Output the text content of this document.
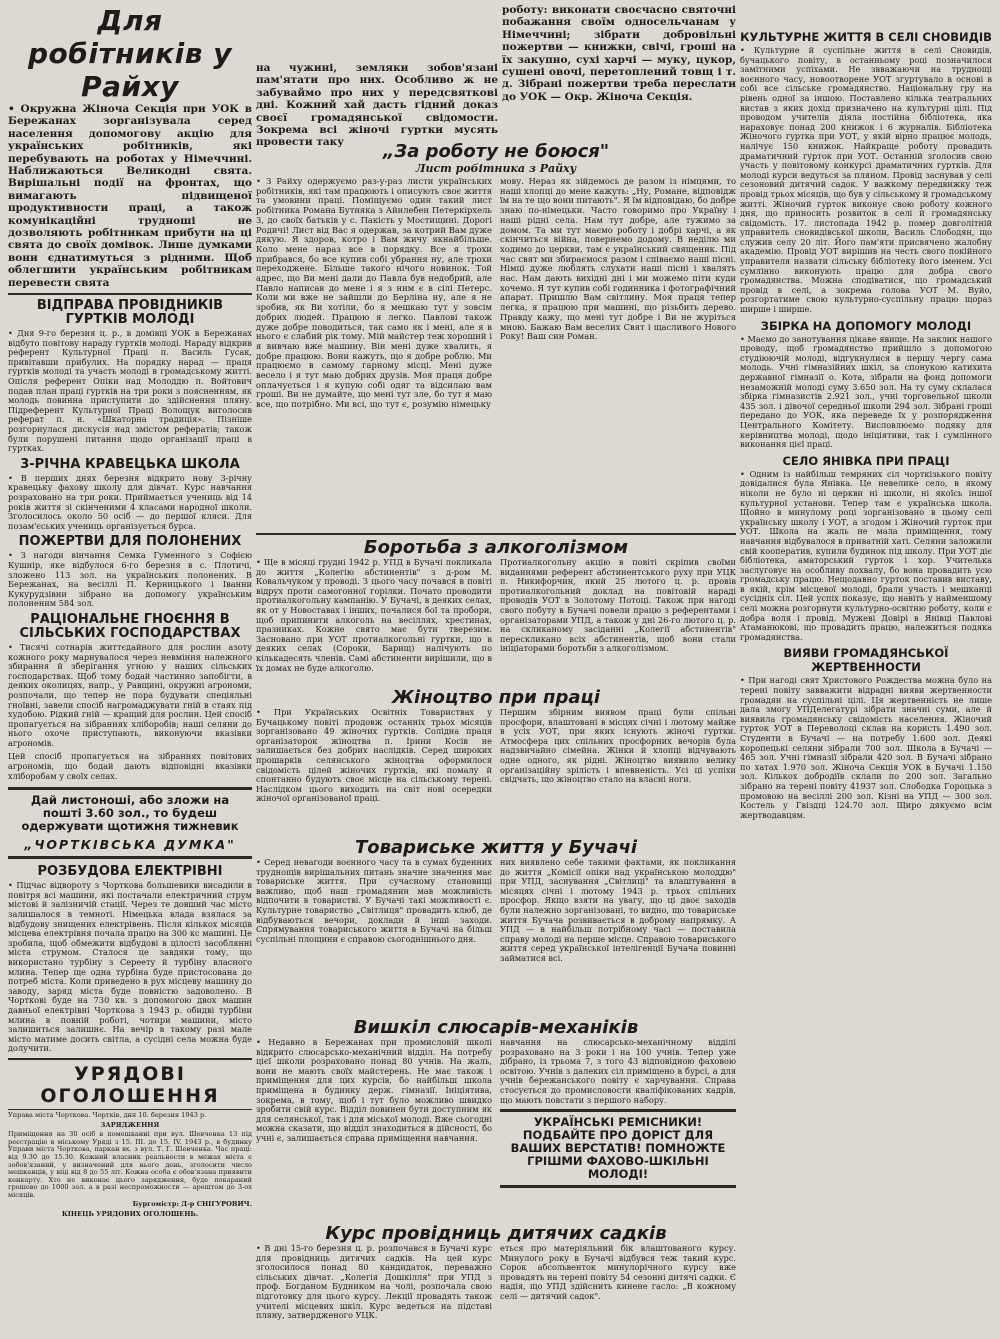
Для робітників у Райху

• Окружна Жіноча Секція при УОК в Бережанах зорганізувала серед населення допомогову акцію для українських робітників, які перебувають на роботах у Німеччині. Наближаються Великодні свята. Вирішальні події на фронтах, що вимагають підвищеної продуктивности праці, а також комунікаційні трудноші не дозволяють робітникам прибути на ці свята до своїх домівок. Лише думками вони єднатимуться з рідними. Щоб облегшити українським робітникам перевести свята

ВІДПРАВА ПРОВІДНИКІВ ГУРТКІВ МОЛОДІ

• Дня 9-го березня ц. р., в домівці УОК в Бережанах відбуто повітову нараду гуртків молоді. Нараду відкрив референт Культурної Праці п. Василь Гусак, привітавши прибулих. На порядку нарад — праця гуртків молоді та участь молоді в громадському житті. Опісля референт Опіки над Молоддю п. Войтович подав план праці гуртків на три роки з поясненням, як молодь повинна приступити до здійснення пляну. Підреферент Культурної Праці Волощук виголосив реферат п. н. «Шкаторна традиція». Пізніше розгорнулася дискусія над змістом рефератів; також були порушені питання щодо організації праці в гуртках.

3-РІЧНА КРАВЕЦЬКА ШКОЛА

• В перших днях березня відкрито нову 3-річну кравецьку фахову школу для дівчат. Курс навчання розраховано на три роки. Приймається учениць від 14 років життя зі скінченими 4 класами народної школи. Зголосилось около 50 осіб — до першої кляси. Для позам'єських учениць організується бурса.

ПОЖЕРТВИ ДЛЯ ПОЛОНЕНИХ

• З нагоди вінчання Семка Гуменного з Софією Кушнір, яке відбулося 6-го березня в с. Плотичі, зложено 113 зол. на українських полонених. В Бережанах, на весіллі П. Керницького і Іванни Кукурудзівни зібрано на допомогу українським полоненим 584 зол.

РАЦІОНАЛЬНЕ ГНОЄННЯ В СІЛЬСЬКИХ ГОСПОДАРСТВАХ

• Тисячі сотнарів життєдайного для рослин азоту кожного року марнувалося через невміння належного збирання й зберігання угною у наших сільських господарствах. Щоб тому бодай частинно запобігти, в деяких околицях, напр., у Равщині, окружні агрономи, розпочали, що тепер не пора будувати спеціяльні гноївні, завели спосіб нагромаджувати гній в стаях під худобою. Рідкий гній — кращий для рослин. Цей спосіб пропагується на зібраннях хліборобів; наші селяни до нього охоче приступають, виконуючи вказівки агрономів.

Цей спосіб пропагується на зібраннях повітових агрономів, що бодай дають відповідні вказівки хліборобам у своїх селах.

Дай листоноші, або зложи на пошті 3.60 зол., то будеш одержувати щотижня тижневик
„ЧОРТКІВСЬКА ДУМКА"
РОЗБУДОВА ЕЛЕКТРІВНІ

• Підчас відвороту з Чорткова большевики висадили в повітря всі машини, які постачали електричний струм містові й залізничій стації. Через те довший час місто залишалося в темноті. Німецька влада взялася за відбудову знищених електрівень. Після кількох місяців місцева електрівня почала працю на 300 кс машині. Це зробила, щоб обмежити відбудові в цілості засоблянні міста струмом. Сталося це завдяки тому, що використано турбіну з Сереету й турбіну власного млина. Тепер ще одна турбіна буде пристосована до потреб міста. Коли приведено в рух місцеву машину до заводу, заряд міста буде повністю задоволено. В Чорткові буде на 730 кв. з допомогою двох машин давньої електрівні Чорткова з 1943 р. обидві турбіни млина в повній роботі, чотири машини, місто залишиться залишнє. На вечір в такому разі мале місто матиме досить світла, а сусідні села можна буде долучити.

УРЯДОВІ ОГОЛОШЕННЯ

Управа міста Чорткова. Чортків, дня 10. березня 1943 р.

ЗАРЯДЖЕННЯ

Приміщення на 30 осіб в помешканні при вул. Шевченка 13 під реєстрацію в міському Уряді з 15. III. до 15. IV. 1943 р., в будинку Управи міста Чорткова, паркан вх. з вул. Т. Г. Шевченка. Час праці: від 9.30 до 15.30. Кожний власник реальности в межах міста є зобов'язаний, у визначений для нього день, зголосити число мешканців, у віці від 8 до 55 літ. Кожна особа є обов'язана приявити кенкарту. Хто не виконає цього зарядження, буде покараний грошово до 1000 зол. а в разі неспроможности — арештом до 3-ох місяців.

Бургомістр: Д-р СНІГУРОВИЧ.

КІНЕЦЬ УРЯДОВИХ ОГОЛОШЕНЬ.

на чужині, земляки зобов'язані пам'ятати про них. Особливо ж не забуваймо про них у передсвяткові дні. Кожний хай дасть гідний доказ своєї громадянської свідомости. Зокрема всі жіночі гуртки мусять провести таку

роботу: виконати своєчасно святочні побажання своїм односельчанам у Німеччині; зібрати добровільні пожертви — книжки, свічі, гроші на їх закупно, сухі харчі — муку, цукор, сушені овочі, перетоплений товщ і т. д. Зібрані пожертви треба переслати до УОК — Окр. Жіноча Секція.

„За роботу не боюся"

Лист робітника з Райху

• З Райху одержуємо раз-у-раз листи українських робітників, які там працюють і описують своє життя та умовини праці. Поміщуємо один такий лист робітника Романа Бутняка з Айнлебен Петеркірхель 3, до своїх батьків у с. Пакість у Мостищині. Дорогі Родичі! Лист від Вас я одержав, за котрий Вам дуже дякую. Я здоров, котро і Вам жичу якнайбільше. Коло мене нараз все в порядку. Все я трохи прибрався, бо все купив собі убрання ну, але трохи переходжене. Більше такого нічого новинок. Той адрес, що Ви мені дали до Павла був недобрий, але Павло написав до мене і я з ним є в сілі Петерс. Коли ми вже не зайшли до Берліна ну, але я не зробив, як Ви хотіли, бо я мешкаю тут у зовсім добрих людей. Працюю я легко. Павлові також дуже добре поводиться, так само як і мені, але я в нього є слабий рік тому. Мій майстер теж хороший і я вивчаю вже машину. Він мені дуже хвалить, я добре працюю. Вони кажуть, що я добре роблю. Ми працюємо в самому гарному місці. Мені дуже весело і я тут маю добрих друзів. Моя праця добре оплачується і я купую собі одяг та відсилаю вам гроші. Ви не думайте, що мені тут зле, бо тут я маю все, що потрібно. Ми всі, що тут є, розумію німецьку

мову. Нераз як зійдемось де разом із німцями, то наші хлопці до мене кажуть: „Ну, Романе, відповідж їм на те що вони питають". Я їм відповідаю, бо добре знаю по-німецьки. Часто говоримо про Україну і наші рідні села. Нам тут добре, але тужимо за домом. Та ми тут маємо роботу і добрі харчі, а як скінчиться війна, повернемо додому. В неділю ми ходимо до церкви, там є український священик. Під час свят ми збираємося разом і співаємо наші пісні. Німці дуже люблять слухати наші пісні і хвалять нас. Нам дають вихідні дні і ми можемо піти куди хочемо. Я тут купив собі годинника і фотографічний апарат. Пришлю Вам світлину. Моя праця тепер легка, я працюю при машині, що різьбить дерево. Правду кажу, що мені тут добре і Ви не журіться мною. Бажаю Вам веселих Свят і щасливого Нового Року! Ваш син Роман.

Боротьба з алкоголізмом

• Ще в місяці грудні 1942 р. УПД в Бучачі покликала до життя „Колегію абстинентів" з д-ром М. Ковальчуком у проводі. З цього часу почався в повіті відрух проти самогонної горілки. Почато проводити протиалкогольну кампанію. У Бучачі, в деяких селах, як от у Новоставах і інших, почалися бої та пробори, щоб припинити алкоголь на весіллях, хрестинах, празниках. Кожне свято має бути тверезим. Засновано при УОТ протиалкогольні гуртки, що в деяких селах (Сороки, Барищ) налічують по кількадесять членів. Самі абстиненти вирішили, що в їх домах не буде алкоголю.

Протиалкогольну акцію в повіті скріпив своїми виданнями референт абстинентського руху при УЦК п. Никифорчин, який 25 лютого ц. р. провів протиалкогольний доклад на повітовій нараді проводів УОТ в Золотому Потоці. Також при нагоді свого побуту в Бучачі повели працю з референтами і організаторами УПД, а також у дні 26-го лютого ц. р. на скликаному засіданні „Колегії абстинентів" перескликано всіх абстинентів, щоб вони стали ініціаторами боротьби з алкоголізмом.

Жіноцтво при праці

• При Українських Освітніх Товариствах у Бучацькому повіті продовж останніх трьох місяців зорганізовано 49 жіночих гуртків. Солідна праця організаторок жіноцтва п. Ірини Косів не залишається без добрих наслідків. Серед широких прошарків селянського жіноцтва оформилося свідомість цілей жіночих гуртків, які помалу й спонтанно будують своє місце на сільському терені. Наслідком цього виходить на світ нові осередки жіночої організованої праці.

Першим збірним виявом праці були спільні просфори, влаштовані в місцях січні і лютому майже в усіх УОТ, при яких існують жіночі гуртки. Атмосфера цих спільних просфорних вечорів була надзвичайно сімейна. Жінки й хлопці відчувають одне одного, як рідні. Жіноцтво виявило велику організаційну зрілість і впевненість. Усі ці успіхи свідчать, що жіноцтво стало на власні ноги.

Товариське життя у Бучачі

• Серед невагоди воєнного часу та в сумах буденних труднощів вирішальних питань значне значення має товариське життя. При сучасному становищі важливо, щоб наш громадянин мав можливість відпочити в товаристві. У Бучачі такі можливості є. Культурне товариство „Світлиця" провадить клюб, де відбуваються вечори, доклади й інші заходи. Спрямування товариського життя в Бучачі на більш суспільні площини є справою сьогоднішнього дня.

них виявлено себе такими фактами, як покликання до життя „Комісії опіки над українською молоддю" при УПД, заснування „Світлиці" та влаштування в місяцях січні і лютому 1943 р. трьох спільних просфор. Якщо взяти на увагу, що ці двоє заходів були належно зорганізовані, то видно, що товариське життя Бучача розвивається в доброму напрямку. А УПД — в найбільш потрібному часі — поставила справу молоді на перше місце. Справою товариського життя серед української інтелігенції Бучача повинні займатися всі.

Вишкіл слюсарів-механіків

• Недавно в Бережанах при промисловій школі відкрито слюсарсько-механічний відділ. На потребу цієї школи розраховано понад 80 учнів. На жаль, вони не мають своїх майстерень. Не має також і приміщення для цих курсів, бо найбільш школа приміщена в будинку держ. гімназії. Ініціятива, зокрема, в тому, щоб і тут було можливо швидко зробити свій курс. Відділ повинен бути доступним як для селянської, так і для міської молоді. Вже сьогодні можна сказати, що відділ знаходиться в дійсності, бо учні є, залишається справа приміщення навчання.

навчання на слюсарсько-механічному відділі розраховано на 3 роки і на 100 учнів. Тепер уже дібрано, із трьома 7, з того 43 відповідною фаховою освітою. Учнів з далеких сіл приміщено в бурсі, а для учнів бережанського повіту є харчування. Справа стосується до промисловости кваліфікованих кадрів, що мають повстати з першого набору.

УКРАЇНСЬКІ РЕМІСНИКИ! ПОДБАЙТЕ ПРО ДОРІСТ ДЛЯ ВАШИХ ВЕРСТАТІВ! ПОМНОЖТЕ ГРІШМИ ФАХОВО-ШКІЛЬНІ МОЛОДІ!
Курс провідниць дитячих садків

• В дні 15-го березня ц. р. розпочався в Бучачі курс для провідниць дитячих садків. На цей курс зголосилося понад 80 кандидаток, переважно сільських дівчат. „Колегія Дошкілля" при УПД з проф. Богданом Будником на чолі, розпочала свою підготовку для цього курсу. Лекції провадять також учителі місцевих шкіл. Курс ведеться на підставі пляну, затвердженого УЦК.

еться про матеріяльний бік влаштованого курсу. Минулого року в Бучачі відбувся теж такий курс. Сорок абсольвенток минулорічного курсу вже провадять на терені повіту 54 сезонні дитячі садки. Є надія, що УПД здійснить кинене гасло: „В кожному селі — дитячий садок".

КУЛЬТУРНЕ ЖИТТЯ В СЕЛІ СНОВИДІВ

• Культурне й суспільне життя в селі Сновидів, бучацького повіту, в останньому році позначилося замітними успіхами. Не звважаючи на труднощі воєнного часу, новоотворене УОТ згуртувало в основі в собі все сільське громадянство. Національну гру на рівень одної за іншою. Поставлено кілька театральних вистав з яких дохід призначено на культурні цілі. Під проводом учителів діяла постійна бібліотека, яка нараховує понад 200 книжок і 6 журналів. Бібліотека Жіночого гуртка при УОТ, у якій вірно працює молодь, налічує 150 книжок. Найкраще роботу провадить драматичний гурток при УОТ. Останній зголосив свою участь у повітовому конкурсі драматичних гуртків. Для молоді курси ведуться за пляном. Провід заснував у селі сезоновий дитячий садок. У важкому передвижку теж провід трьох місяців, що був у сільському й громадському житті. Жіночий гурток виконує свою роботу кожного дня, що приносить розвиток в селі й громадянську свідомість. 17. листопада 1942 р. помер довголітній управитель сновидівської школи, Василь Слободян, що служив селу 20 літ. Його пам'яти присвячено жалобну академію. Провід УОТ вирішив на честь свого покійного управителя назвати сільську бібліотеку його іменем. Усі сумлінно виконують працю для добра свого громадянства. Можна сподіватися, що громадський провід в селі, а зокрема голова УОТ М. Вуйо, розгортатиме свою культурно-суспільну працю щораз ширше і ширше.

ЗБІРКА НА ДОПОМОГУ МОЛОДІ

• Маємо до занотування цікаве явище. На заклик нашого проводу, щоб громадянство прийшло з допомогою студіюючій молоді, відгукнулися в першу чергу сама молодь. Учні гімназійних шкіл, за спонукою катихита державної гімназії о. Кота, зібрали на фонд допомоги незаможній молоді суму 3.650 зол. На ту суму склалася збірка гімназистів 2.921 зол., учні торговельної школи 435 зол. і дівочої середньої школи 294 зол. Зібрані гроші передано до УОК, яка переведе їх у розпорядження Центрального Комітету. Висловлюємо подяку для керівництва молоді, щодо ініціятиви, так і сумлінного виконання цієї праці.

СЕЛО ЯНІВКА ПРИ ПРАЦІ

• Одним із найбільш темряних сіл чорткізького повіту довідалися була Янівка. Це невелике село, в якому ніколи не було ні церкви ні школи, ні якоїсь іншої культурної установи. Тепер там є українська школа. Щойно в минулому році зорганізовано в цьому селі українську школу і УОТ, а згодом і Жіночий гурток при УОТ. Школа на жаль не мала приміщення, тому навчання відбувалося в приватній хаті. Селяни заложили свій кооператив, купили будинок під школу. При УОТ діє бібліотека, аматорський гурток і хор. Учителька заслуговує на особливу похвалу, бо вона провадить усю громадську працю. Нещодавно гурток поставив виставу, в якій, крім місцевої молоді, брали участь і мешканці сусідніх сіл. Цей успіх показує, що навіть у найменшому селі можна розгорнути культурно-освітню роботу, коли є добра воля і провід. Мужеві Довірі в Янівці Павлові Атаманюкові, що провадить працю, належиться подяка громадянства.

ВИЯВИ ГРОМАДЯНСЬКОЇ ЖЕРТВЕННОСТИ

• При нагоді свят Христового Рождества можна було на терені повіту завважити відрадні вияви жертвенности громадян на суспільні цілі. Ця жертвенність не лише дала змогу УПДелегатурі зібрати значні суми, але й виявила громадянську свідомість населення. Жіночий гурток УОТ в Переволоці склав на користь 1.490 зол. Студенти в Бучачі — на потребу 1.600 зол. Деякі коропецькі селяни зібрали 700 зол. Школа в Бучачі — 465 зол. Учні гімназії зібрали 420 зол. В Бучачі зібрано по хатах 1.970 зол. Жіноча Секція УОК в Бучачі 1.150 зол. Кількох добродіїв склали по 200 зол. Загально зібрано на терені повіту 41937 зол. Слободка Гороцька з промовою на весіллі 200 зол. Кізні на УПД — 300 зол. Костель у Гвіздці 124.70 зол. Щиро дякуємо всім жертводавцям.
